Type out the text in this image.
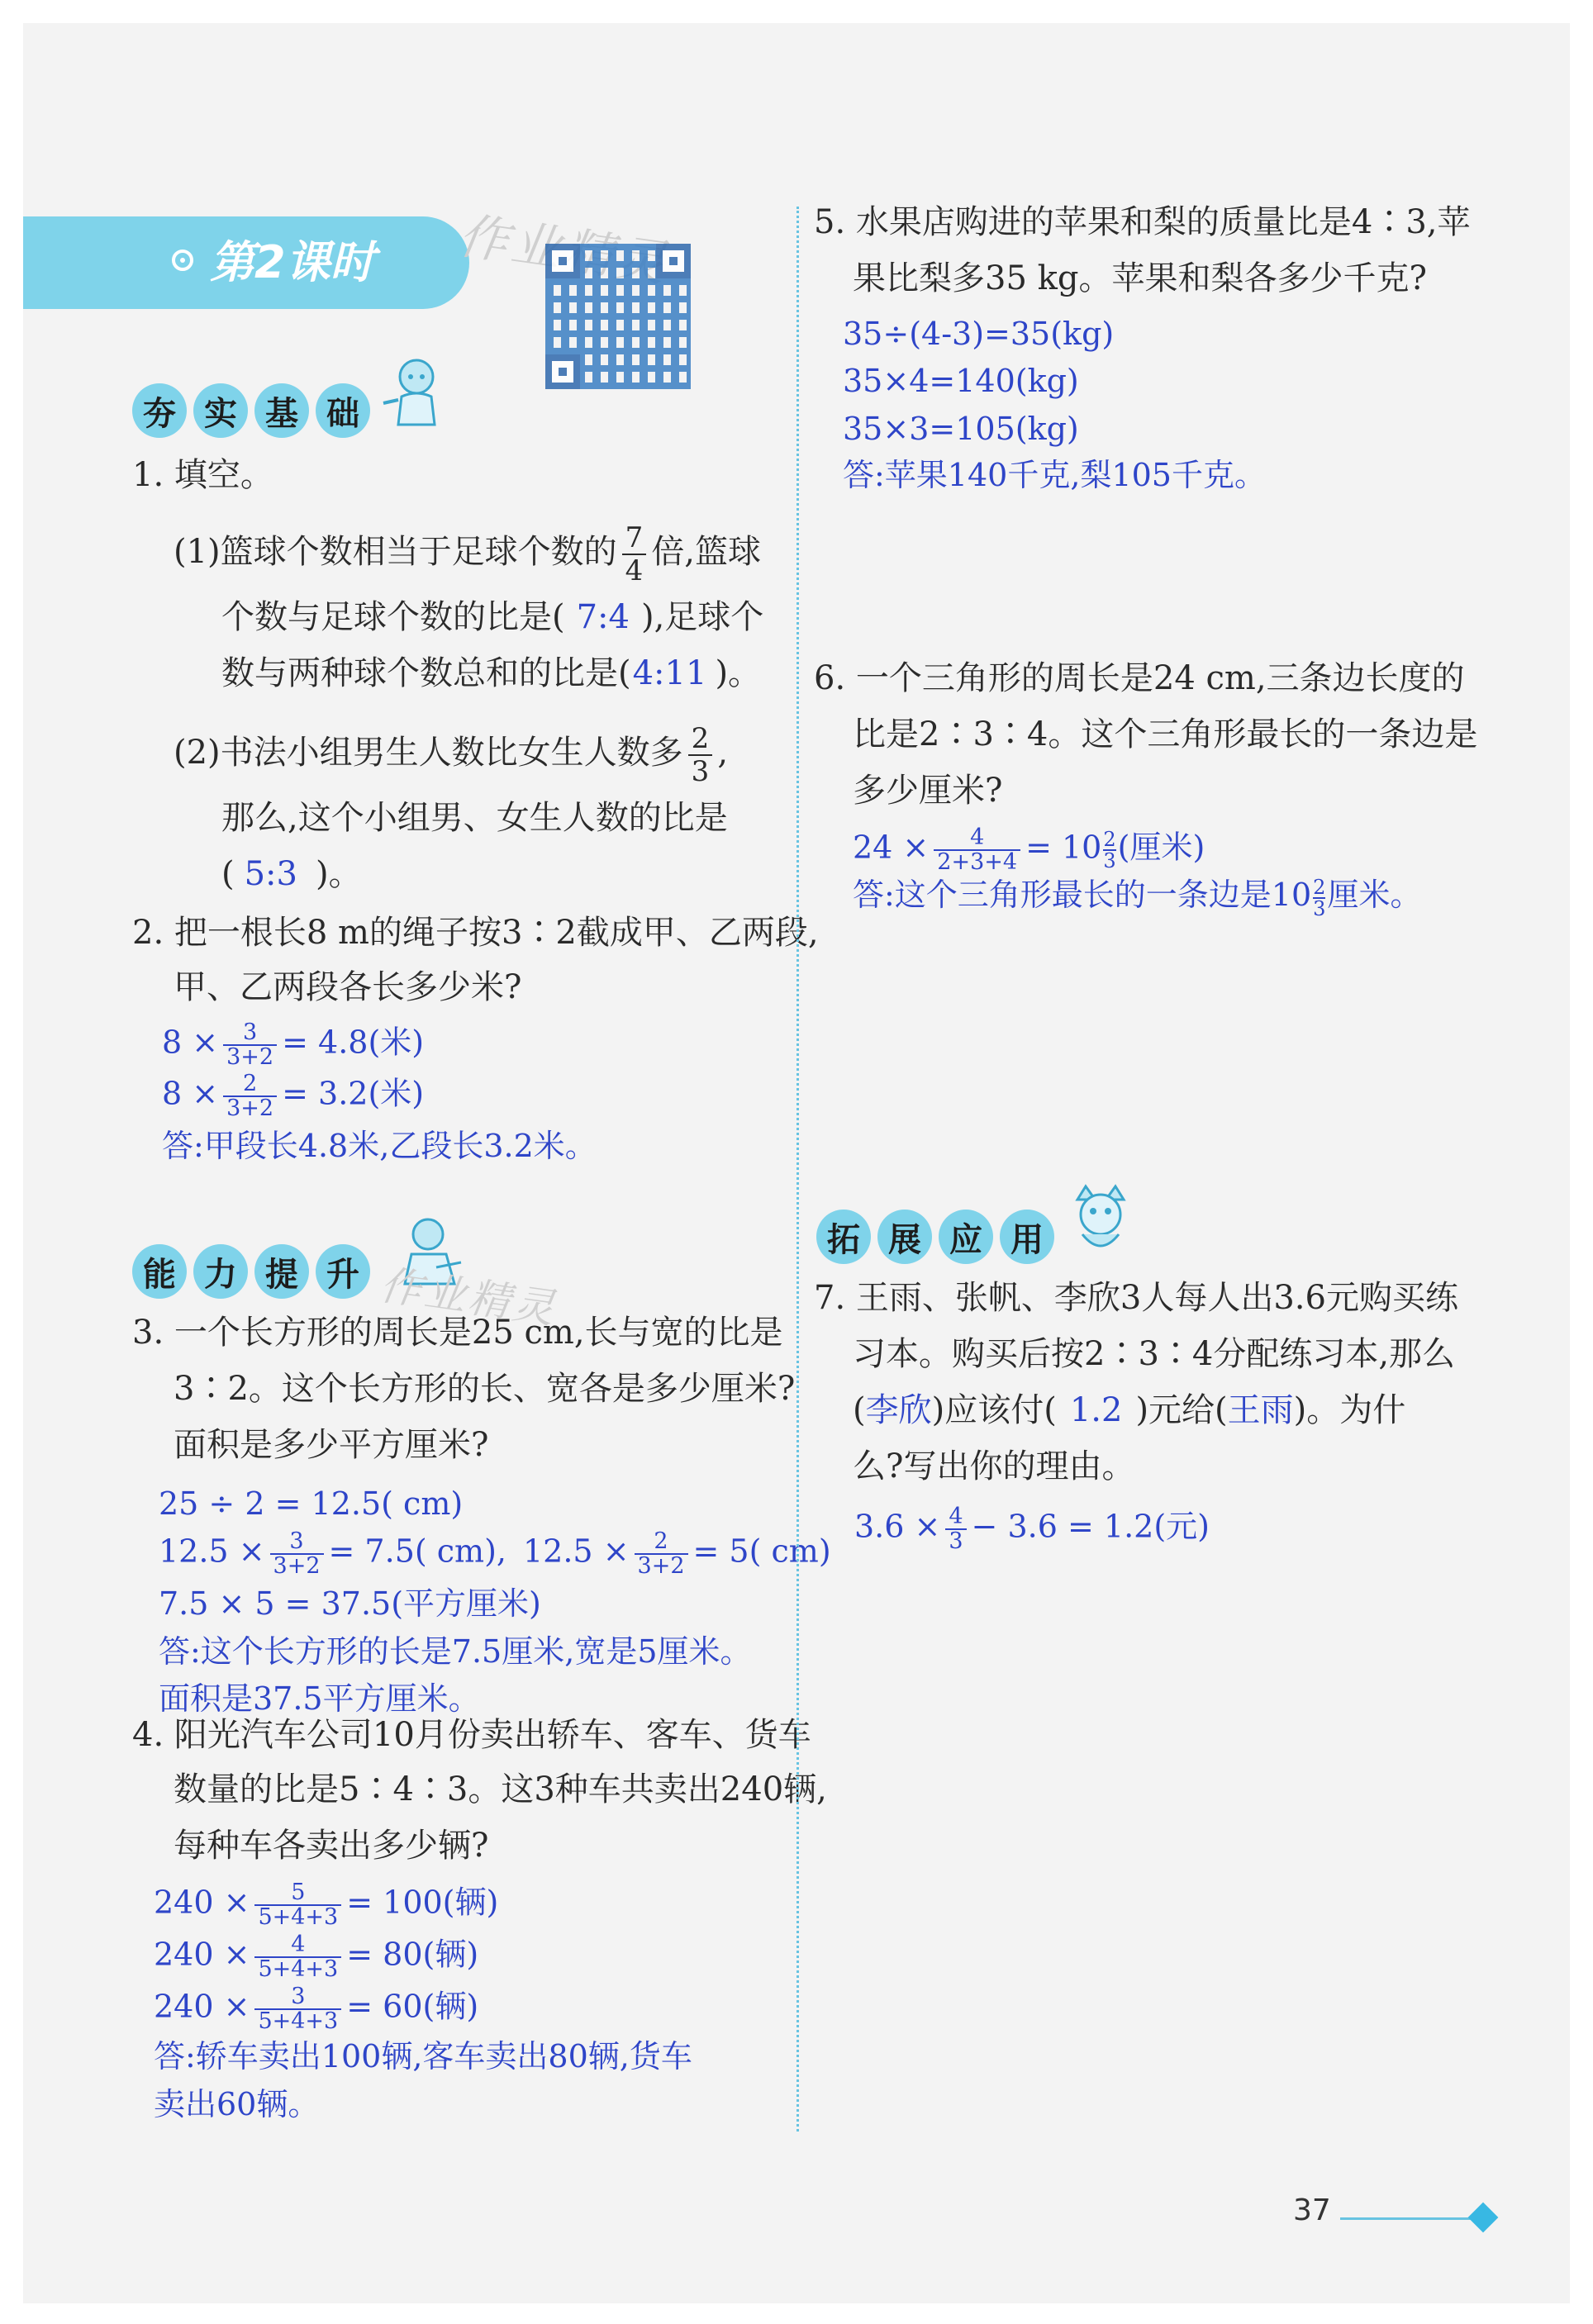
第2课时
夯 实 基 础
1. 填空。
(1)篮球个数相当于足球个数的 $\frac{7}{4}$ 倍,篮球
个数与足球个数的比是( 7:4 ),足球个
数与两种球个数总和的比是(4:11 )。
(2)书法小组男生人数比女生人数多 $\frac{2}{3}$ ,
那么,这个小组男、女生人数的比是
( 5:3 )。
2. 把一根长8 m的绳子按3∶2截成甲、乙两段,
甲、乙两段各长多少米?
$8 \times \frac{3}{3+2} = 4.8$(米)
$8 \times \frac{2}{3+2} = 3.2$(米)
答:甲段长4.8米,乙段长3.2米。
能 力 提 升 作业精灵
3. 一个长方形的周长是25 cm,长与宽的比是
3∶2。这个长方形的长、宽各是多少厘米?
面积是多少平方厘米?
25 ÷ 2 = 12.5( cm)
$12.5 \times \frac{3}{3+2} = 7.5$( cm), $12.5 \times \frac{2}{3+2} = 5$( cm)
7.5 × 5 = 37.5(平方厘米)
答:这个长方形的长是7.5厘米,宽是5厘米。
面积是37.5平方厘米。
4. 阳光汽车公司10月份卖出轿车、客车、货车
数量的比是5∶4∶3。这3种车共卖出240辆,
每种车各卖出多少辆?
$240 \times \frac{5}{5+4+3} = 100$(辆)
$240 \times \frac{4}{5+4+3} = 80$(辆)
$240 \times \frac{3}{5+4+3} = 60$(辆)
答:轿车卖出100辆,客车卖出80辆,货车
卖出60辆。
5. 水果店购进的苹果和梨的质量比是4∶3,苹
果比梨多35 kg。苹果和梨各多少千克?
35÷(4-3)=35(kg)
35×4=140(kg)
35×3=105(kg)
答:苹果140千克,梨105千克。
6. 一个三角形的周长是24 cm,三条边长度的
比是2∶3∶4。这个三角形最长的一条边是
多少厘米?
$24 \times \frac{4}{2+3+4} = 10 \frac{2}{3}$ (厘米)
答:这个三角形最长的一条边是$10 \frac{2}{3}$ 厘米。
拓 展 应 用
7. 王雨、张帆、李欣3人每人出3.6元购买练
习本。购买后按2∶3∶4分配练习本,那么
(李欣)应该付( 1.2 )元给(王雨)。为什
么?写出你的理由。
$3.6 \times \frac{4}{3} - 3.6 = 1.2$(元)
37
